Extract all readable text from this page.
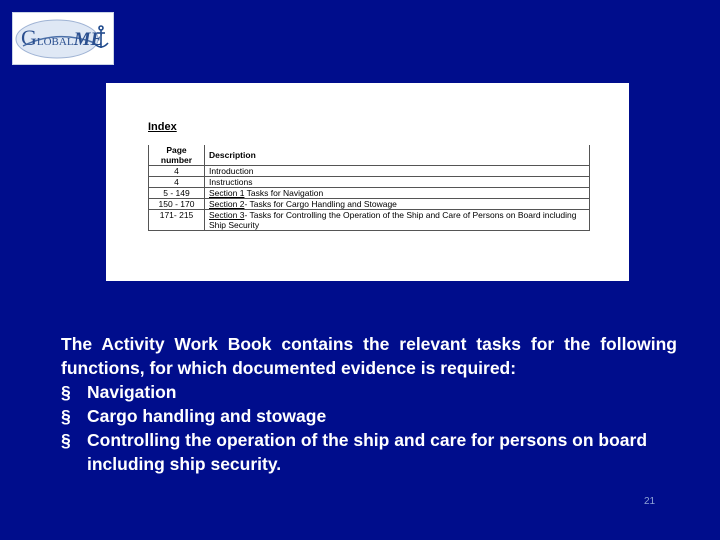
GLOBALME
Index
Page number	Description
4	Introduction
4	Instructions
5 - 149	Section 1 Tasks for Navigation
150 - 170	Section 2- Tasks for Cargo Handling and Stowage
171- 215	Section 3- Tasks for Controlling the Operation of the Ship and Care of Persons on Board including Ship Security

The Activity Work Book contains the relevant tasks for the following functions, for which documented evidence is required:

§ Navigation
§ Cargo handling and stowage
§ Controlling the operation of the ship and care for persons on board including ship security.
21
